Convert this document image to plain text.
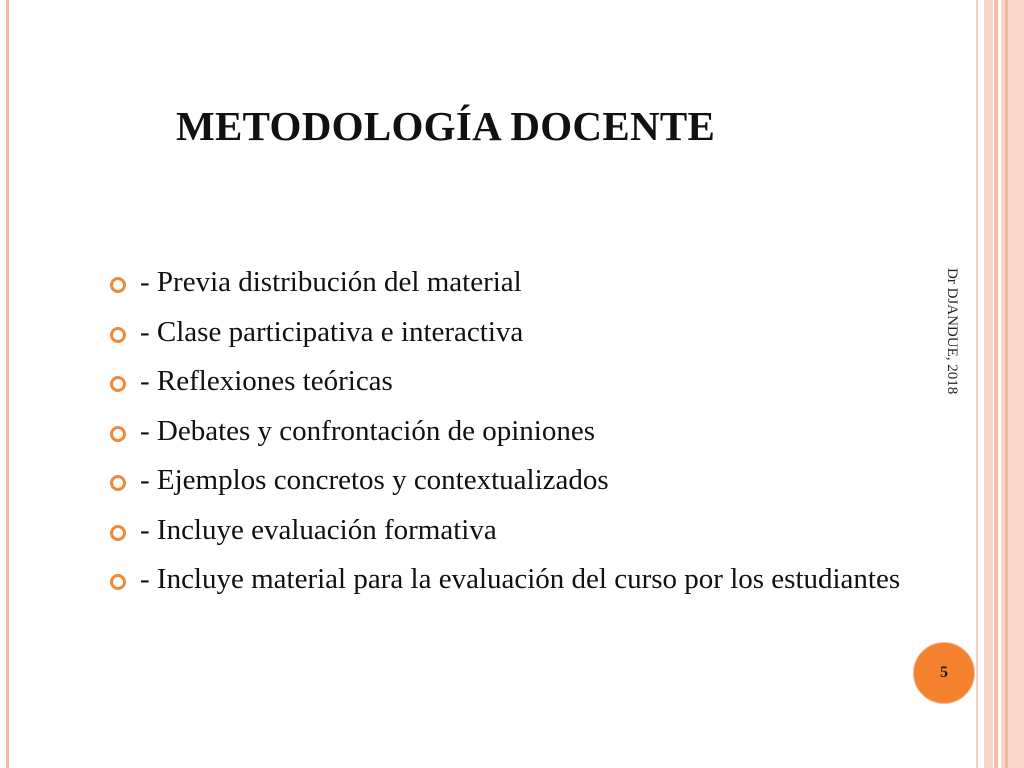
METODOLOGÍA DOCENTE
- Previa distribución del material
- Clase participativa e interactiva
- Reflexiones teóricas
- Debates y confrontación de opiniones
- Ejemplos concretos y contextualizados
- Incluye evaluación formativa
- Incluye material para la evaluación del curso por los estudiantes
Dr DJANDUE, 2018
5
